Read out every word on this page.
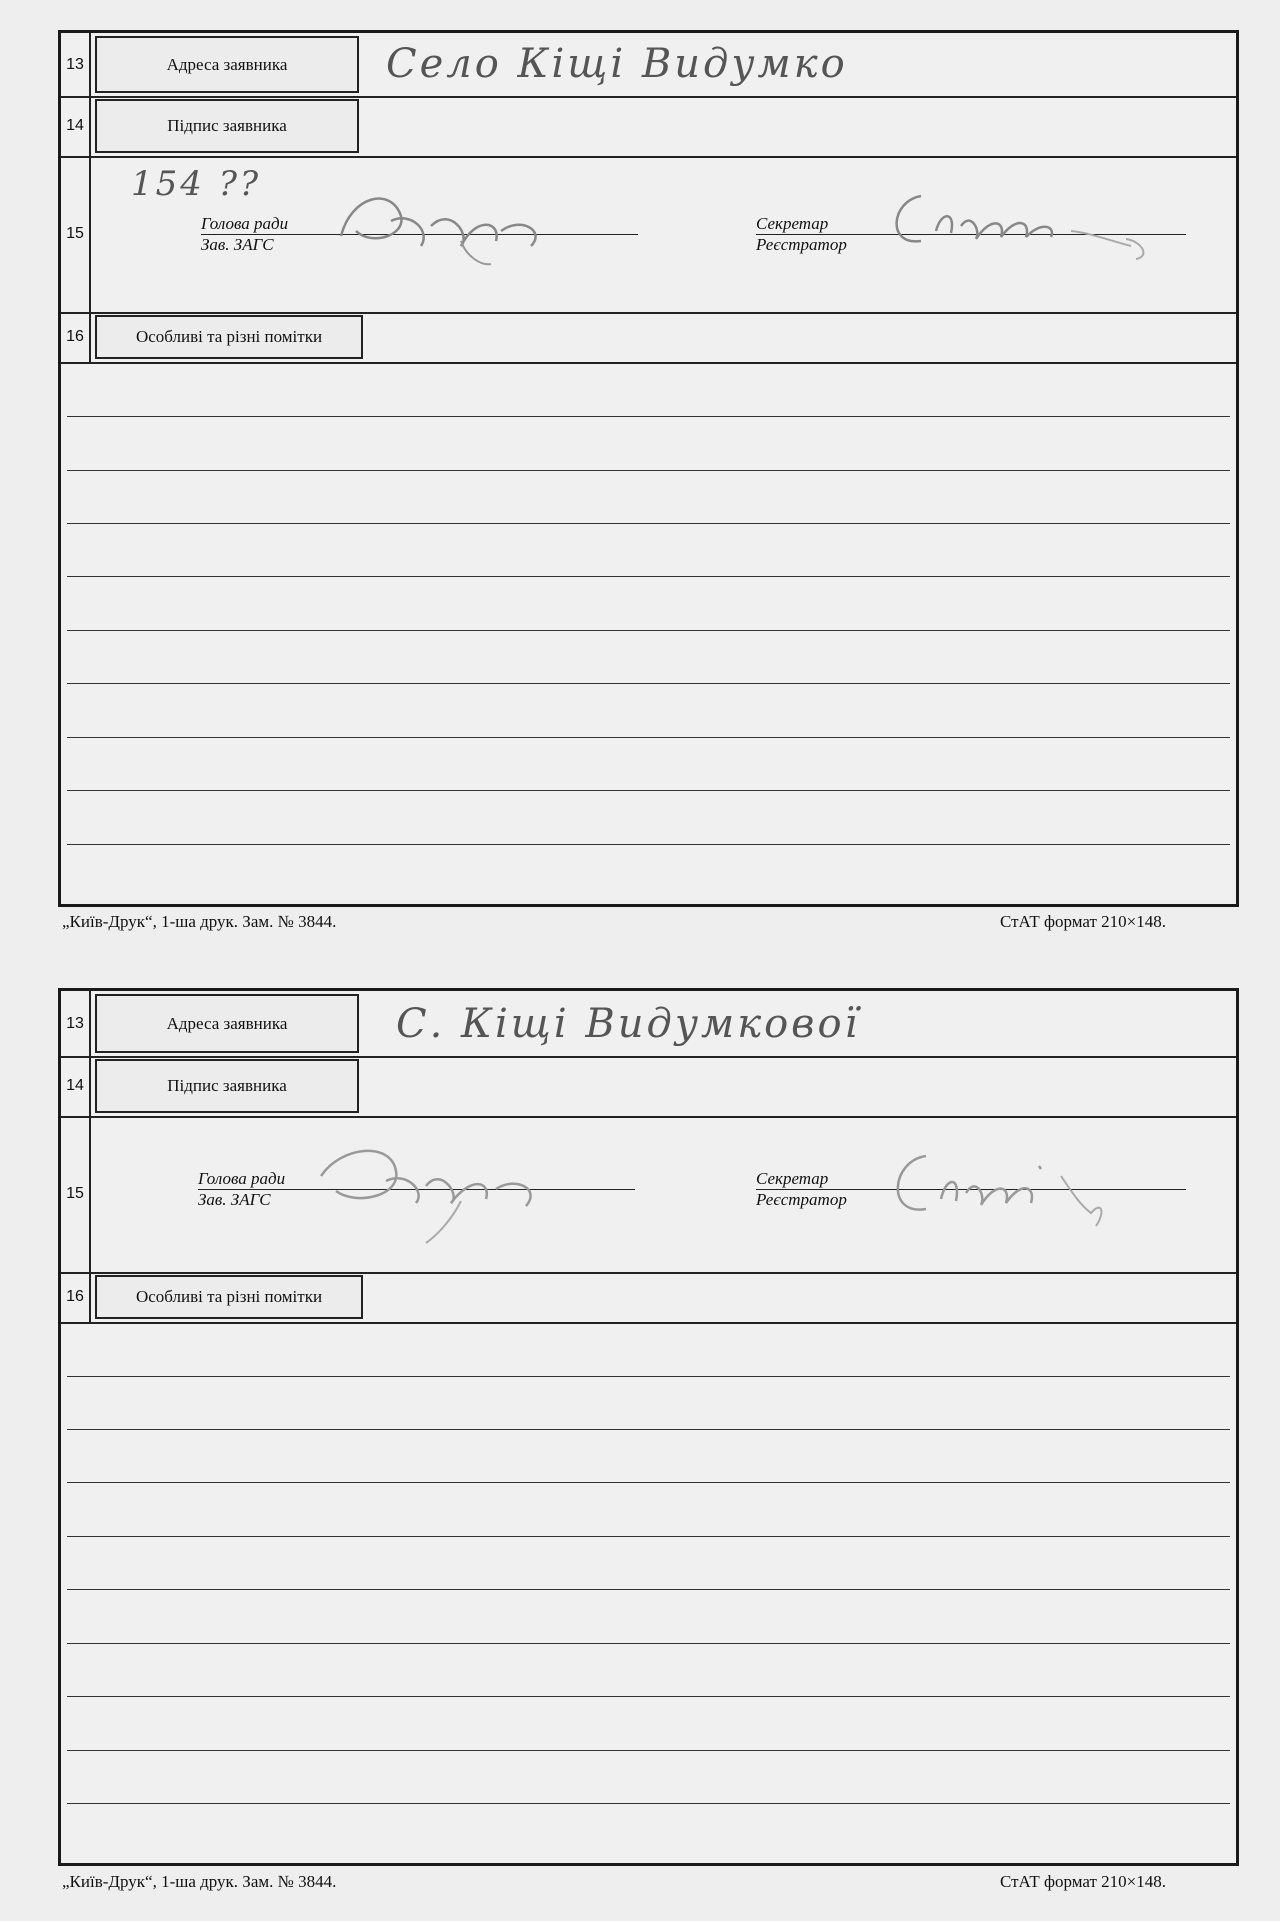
13	Адреса заявника	Село Кіщі Видумко
14	Підпис заявника
15
154 ??
Голова ради
Зав. ЗАГС
Секретар
Реєстратор
16	Особливі та різні помітки
„Київ-Друк“, 1-ша друк. Зам. № 3844.	СтАТ формат 210×148.
13	Адреса заявника	С. Кіщі Видумкової
14	Підпис заявника
15
Голова ради
Зав. ЗАГС
Секретар
Реєстратор
16	Особливі та різні помітки
„Київ-Друк“, 1-ша друк. Зам. № 3844.	СтАТ формат 210×148.
